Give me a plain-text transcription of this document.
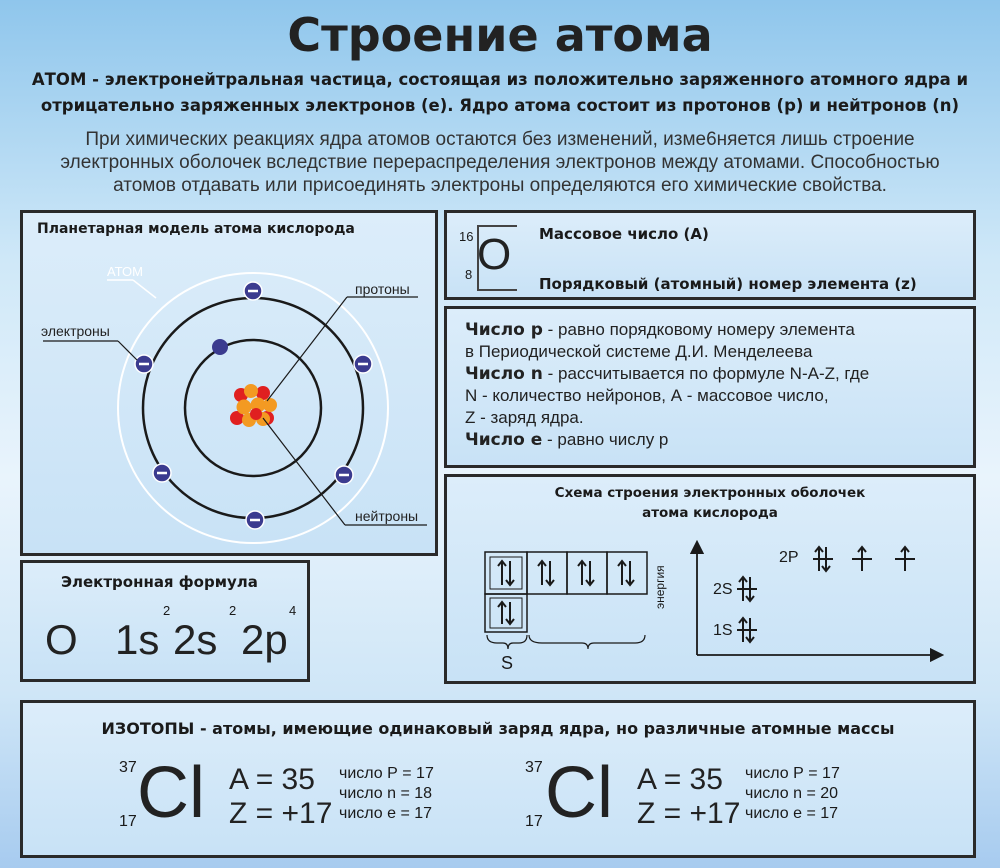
Строение атома
АТОМ - электронейтральная частица, состоящая из положительно заряженного атомного ядра и
отрицательно заряженных электронов (е). Ядро атома состоит из протонов (р) и нейтронов (n)
При химических реакциях ядра атомов остаются без изменений, изме6няется лишь строение
электронных оболочек вследствие перераспределения электронов между атомами. Способностью
атомов отдавать или присоединять электроны определяются его химические свойства.
Планетарная модель атома кислорода
АТОМ
электроны
протоны
нейтроны
16
8 O Массовое число (А)
Порядковый (атомный) номер элемента (z)
Число р - равно порядковому номеру элемента
в Периодической системе Д.И. Менделеева
Число n - рассчитывается по формуле N-A-Z, где
N - количество нейронов, А - массовое число,
Z - заряд ядра.
Число е - равно числу р
Электронная формула
O 1s
2
2s
2
2p
4
Схема строения электронных оболочек
атома кислорода
S
энергия
1S
2S
2P
ИЗОТОПЫ - атомы, имеющие одинаковый заряд ядра, но различные атомные массы
37
17 Cl A = 35
Z = +17
число Р = 17
число n = 18
число е = 17
37
17 Cl A = 35
Z = +17
число Р = 17
число n = 20
число е = 17
